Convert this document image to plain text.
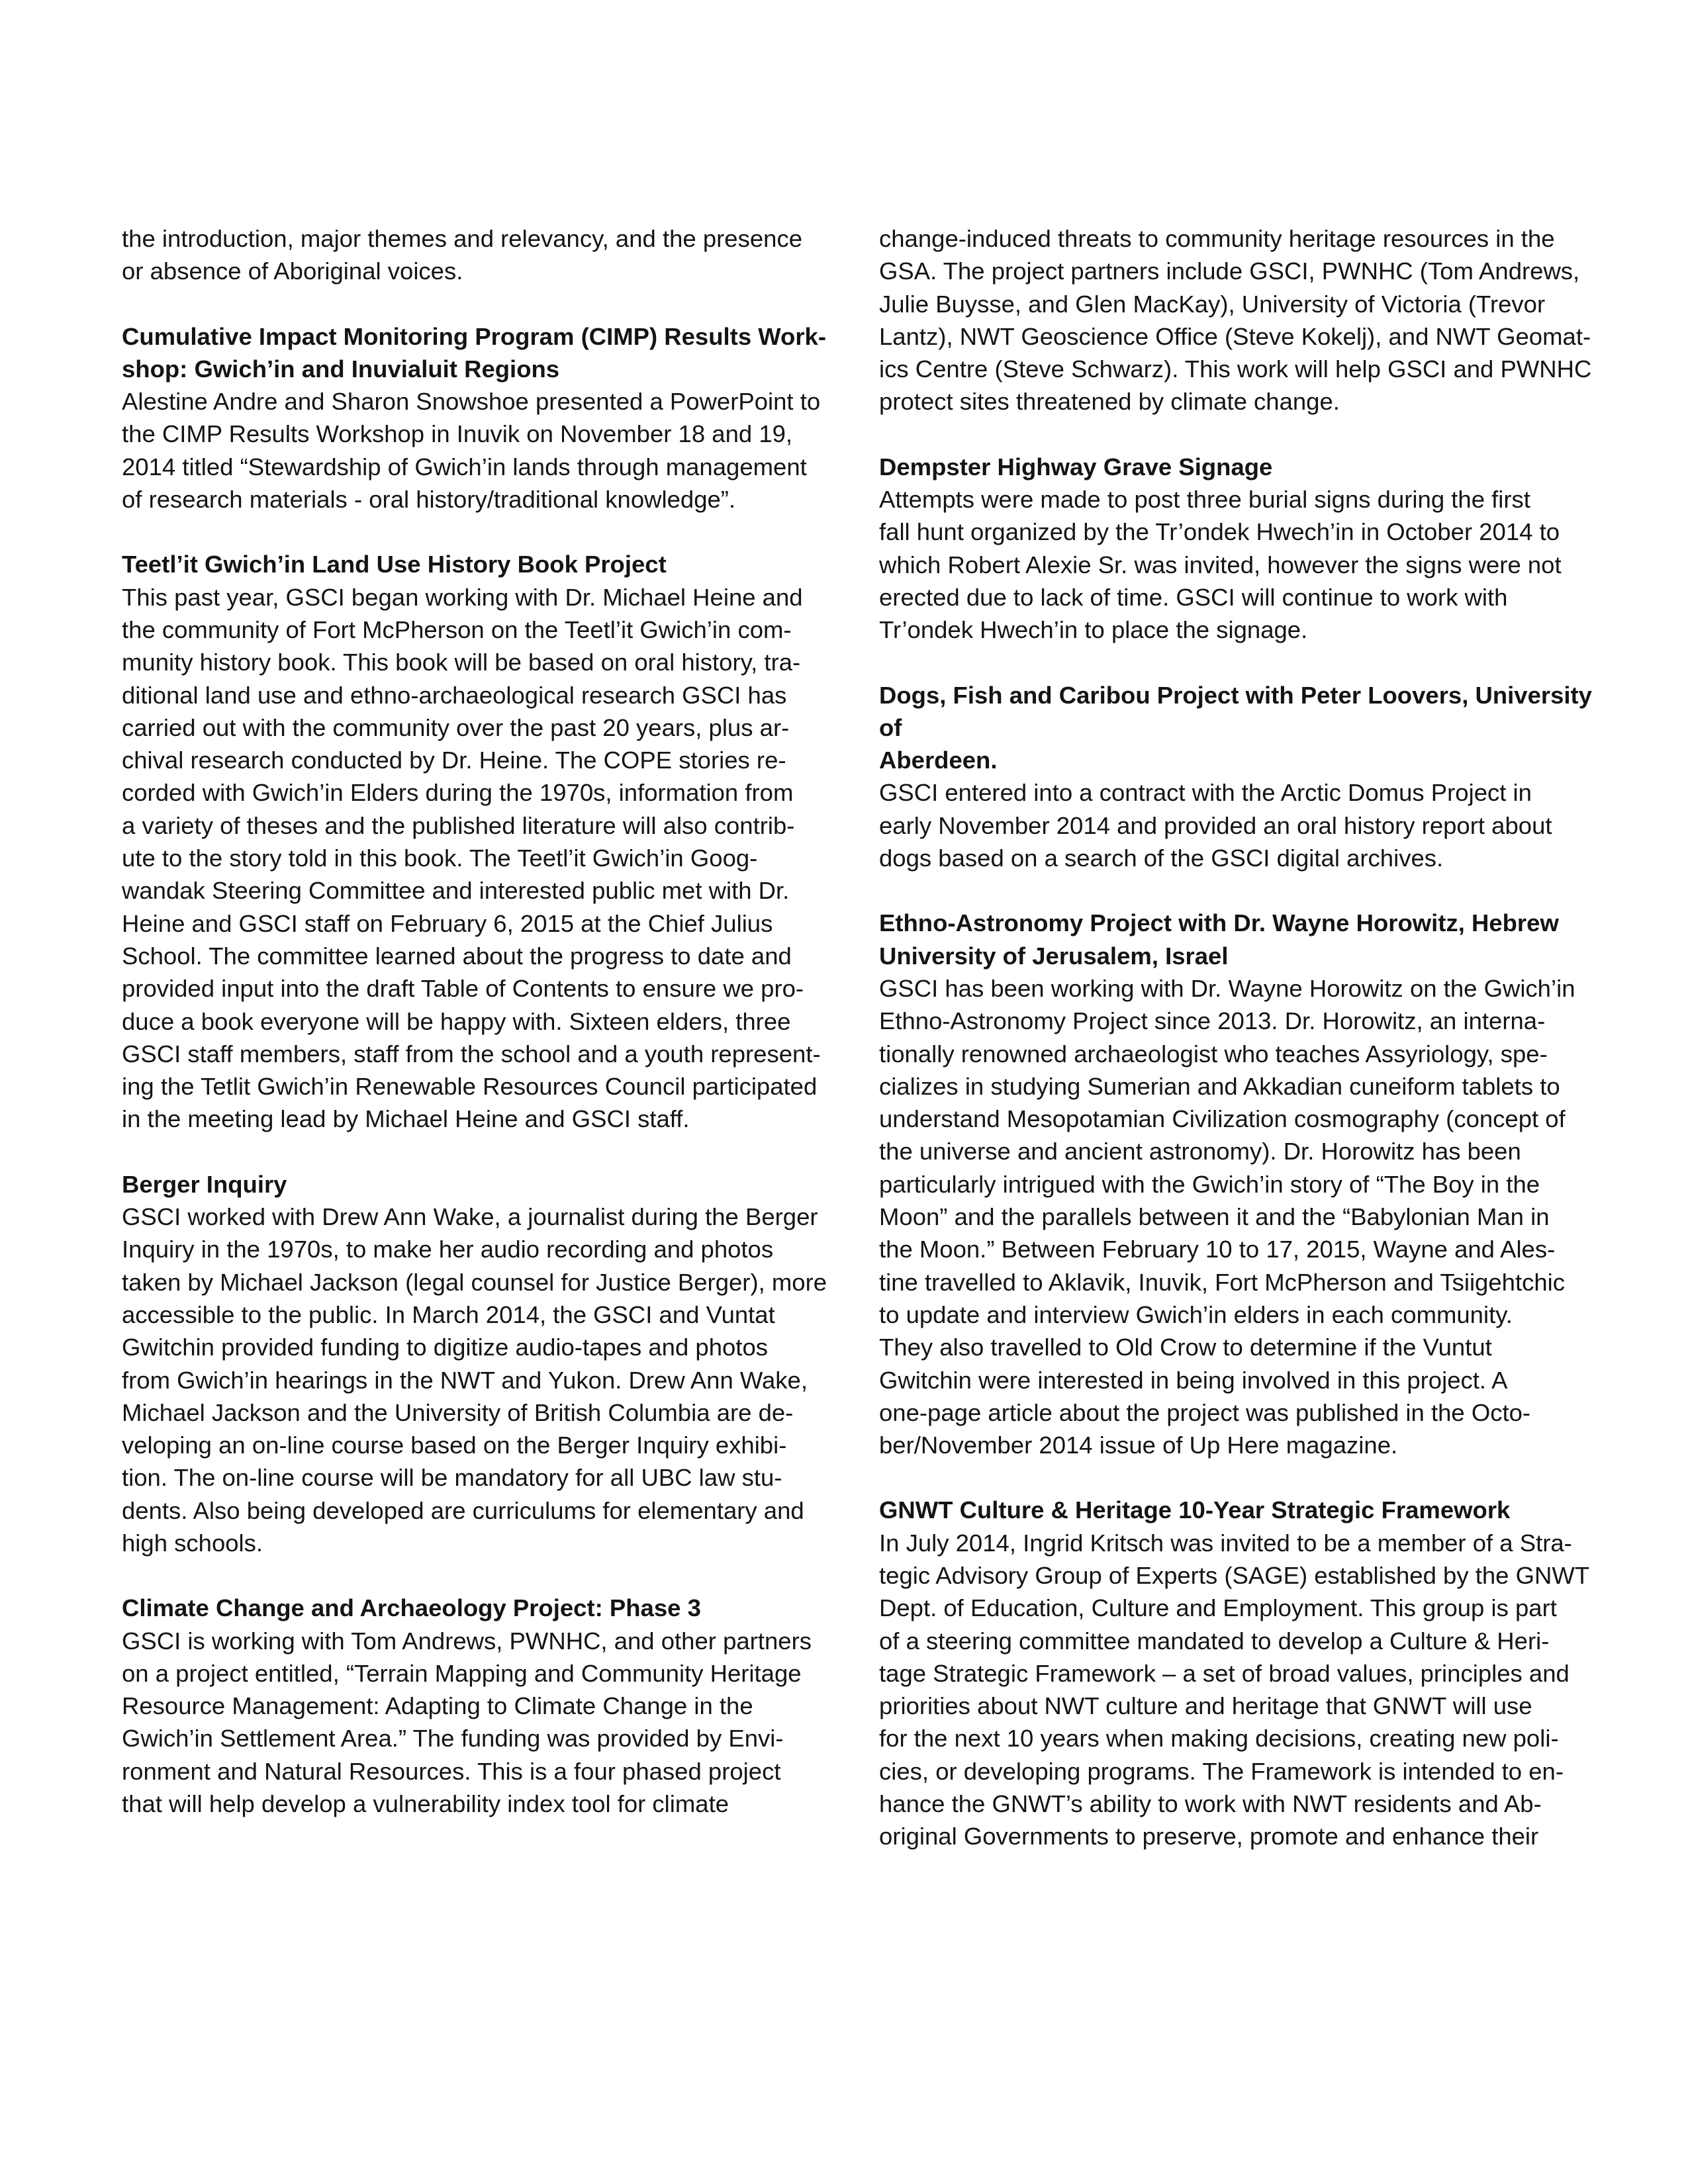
the introduction, major themes and relevancy, and the presence

or absence of Aboriginal voices.

Cumulative Impact Monitoring Program (CIMP) Results Work-
shop: Gwich’in and Inuvialuit Regions

Alestine Andre and Sharon Snowshoe presented a PowerPoint to

the CIMP Results Workshop in Inuvik on November 18 and 19,

2014 titled “Stewardship of Gwich’in lands through management

of research materials - oral history/traditional knowledge”.

Teetl’it Gwich’in Land Use History Book Project

This past year, GSCI began working with Dr. Michael Heine and

the community of Fort McPherson on the Teetl’it Gwich’in com-

munity history book. This book will be based on oral history, tra-

ditional land use and ethno-archaeological research GSCI has

carried out with the community over the past 20 years, plus ar-

chival research conducted by Dr. Heine. The COPE stories re-

corded with Gwich’in Elders during the 1970s, information from

a variety of theses and the published literature will also contrib-

ute to the story told in this book. The Teetl’it Gwich’in Goog-

wandak Steering Committee and interested public met with Dr.

Heine and GSCI staff on February 6, 2015 at the Chief Julius

School. The committee learned about the progress to date and

provided input into the draft Table of Contents to ensure we pro-

duce a book everyone will be happy with. Sixteen elders, three

GSCI staff members, staff from the school and a youth represent-

ing the Tetlit Gwich’in Renewable Resources Council participated

in the meeting lead by Michael Heine and GSCI staff.

Berger Inquiry

GSCI worked with Drew Ann Wake, a journalist during the Berger

Inquiry in the 1970s, to make her audio recording and photos

taken by Michael Jackson (legal counsel for Justice Berger), more

accessible to the public. In March 2014, the GSCI and Vuntat

Gwitchin provided funding to digitize audio-tapes and photos

from Gwich’in hearings in the NWT and Yukon. Drew Ann Wake,

Michael Jackson and the University of British Columbia are de-

veloping an on-line course based on the Berger Inquiry exhibi-

tion. The on-line course will be mandatory for all UBC law stu-

dents. Also being developed are curriculums for elementary and

high schools.

Climate Change and Archaeology Project: Phase 3

GSCI is working with Tom Andrews, PWNHC, and other partners

on a project entitled, “Terrain Mapping and Community Heritage

Resource Management: Adapting to Climate Change in the

Gwich’in Settlement Area.” The funding was provided by Envi-

ronment and Natural Resources. This is a four phased project

that will help develop a vulnerability index tool for climate

change-induced threats to community heritage resources in the

GSA. The project partners include GSCI, PWNHC (Tom Andrews,

Julie Buysse, and Glen MacKay), University of Victoria (Trevor

Lantz), NWT Geoscience Office (Steve Kokelj), and NWT Geomat-

ics Centre (Steve Schwarz). This work will help GSCI and PWNHC

protect sites threatened by climate change.

Dempster Highway Grave Signage

Attempts were made to post three burial signs during the first

fall hunt organized by the Tr’ondek Hwech’in in October 2014 to

which Robert Alexie Sr. was invited, however the signs were not

erected due to lack of time. GSCI will continue to work with

Tr’ondek Hwech’in to place the signage.

Dogs, Fish and Caribou Project with Peter Loovers, University of
Aberdeen.

GSCI entered into a contract with the Arctic Domus Project in

early November 2014 and provided an oral history report about

dogs based on a search of the GSCI digital archives.

Ethno-Astronomy Project with Dr. Wayne Horowitz, Hebrew
University of Jerusalem, Israel

GSCI has been working with Dr. Wayne Horowitz on the Gwich’in

Ethno-Astronomy Project since 2013. Dr. Horowitz, an interna-

tionally renowned archaeologist who teaches Assyriology, spe-

cializes in studying Sumerian and Akkadian cuneiform tablets to

understand Mesopotamian Civilization cosmography (concept of

the universe and ancient astronomy). Dr. Horowitz has been

particularly intrigued with the Gwich’in story of “The Boy in the

Moon” and the parallels between it and the “Babylonian Man in

the Moon.” Between February 10 to 17, 2015, Wayne and Ales-

tine travelled to Aklavik, Inuvik, Fort McPherson and Tsiigehtchic

to update and interview Gwich’in elders in each community.

They also travelled to Old Crow to determine if the Vuntut

Gwitchin were interested in being involved in this project. A

one-page article about the project was published in the Octo-

ber/November 2014 issue of Up Here magazine.

GNWT Culture & Heritage 10-Year Strategic Framework

In July 2014, Ingrid Kritsch was invited to be a member of a Stra-

tegic Advisory Group of Experts (SAGE) established by the GNWT

Dept. of Education, Culture and Employment. This group is part

of a steering committee mandated to develop a Culture & Heri-

tage Strategic Framework – a set of broad values, principles and

priorities about NWT culture and heritage that GNWT will use

for the next 10 years when making decisions, creating new poli-

cies, or developing programs. The Framework is intended to en-

hance the GNWT’s ability to work with NWT residents and Ab-

original Governments to preserve, promote and enhance their
